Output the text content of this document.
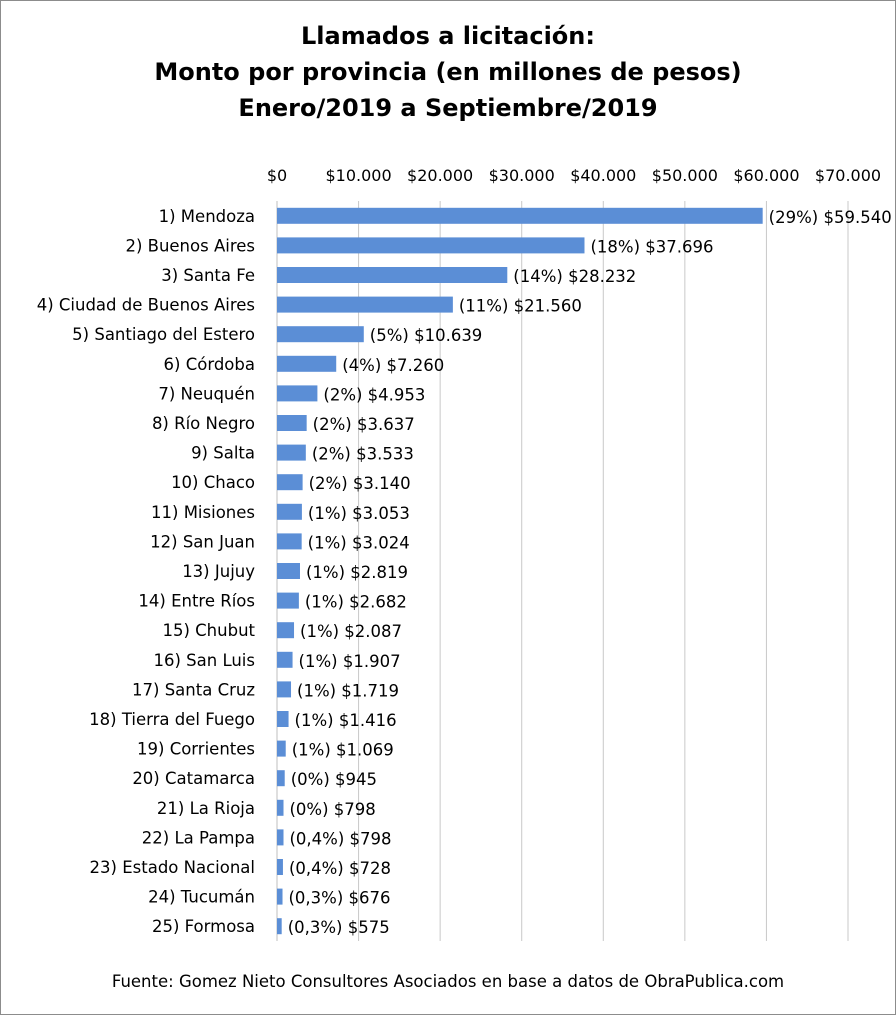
Llamados a licitación:
Monto por provincia (en millones de pesos)
Enero/2019 a Septiembre/2019
$0 $10.000 $20.000 $30.000 $40.000 $50.000 $60.000 $70.000
1) Mendoza	(29%) $59.540
2) Buenos Aires	(18%) $37.696
3) Santa Fe	(14%) $28.232
4) Ciudad de Buenos Aires	(11%) $21.560
5) Santiago del Estero	(5%) $10.639
6) Córdoba	(4%) $7.260
7) Neuquén	(2%) $4.953
8) Río Negro	(2%) $3.637
9) Salta	(2%) $3.533
10) Chaco	(2%) $3.140
11) Misiones	(1%) $3.053
12) San Juan	(1%) $3.024
13) Jujuy	(1%) $2.819
14) Entre Ríos	(1%) $2.682
15) Chubut	(1%) $2.087
16) San Luis	(1%) $1.907
17) Santa Cruz	(1%) $1.719
18) Tierra del Fuego (1%) $1.416
19) Corrientes (1%) $1.069
20) Catamarca (0%) $945
21) La Rioja (0%) $798
22) La Pampa (0,4%) $798
23) Estado Nacional (0,4%) $728
24) Tucumán (0,3%) $676
25) Formosa (0,3%) $575
Fuente: Gomez Nieto Consultores Asociados en base a datos de ObraPublica.com
